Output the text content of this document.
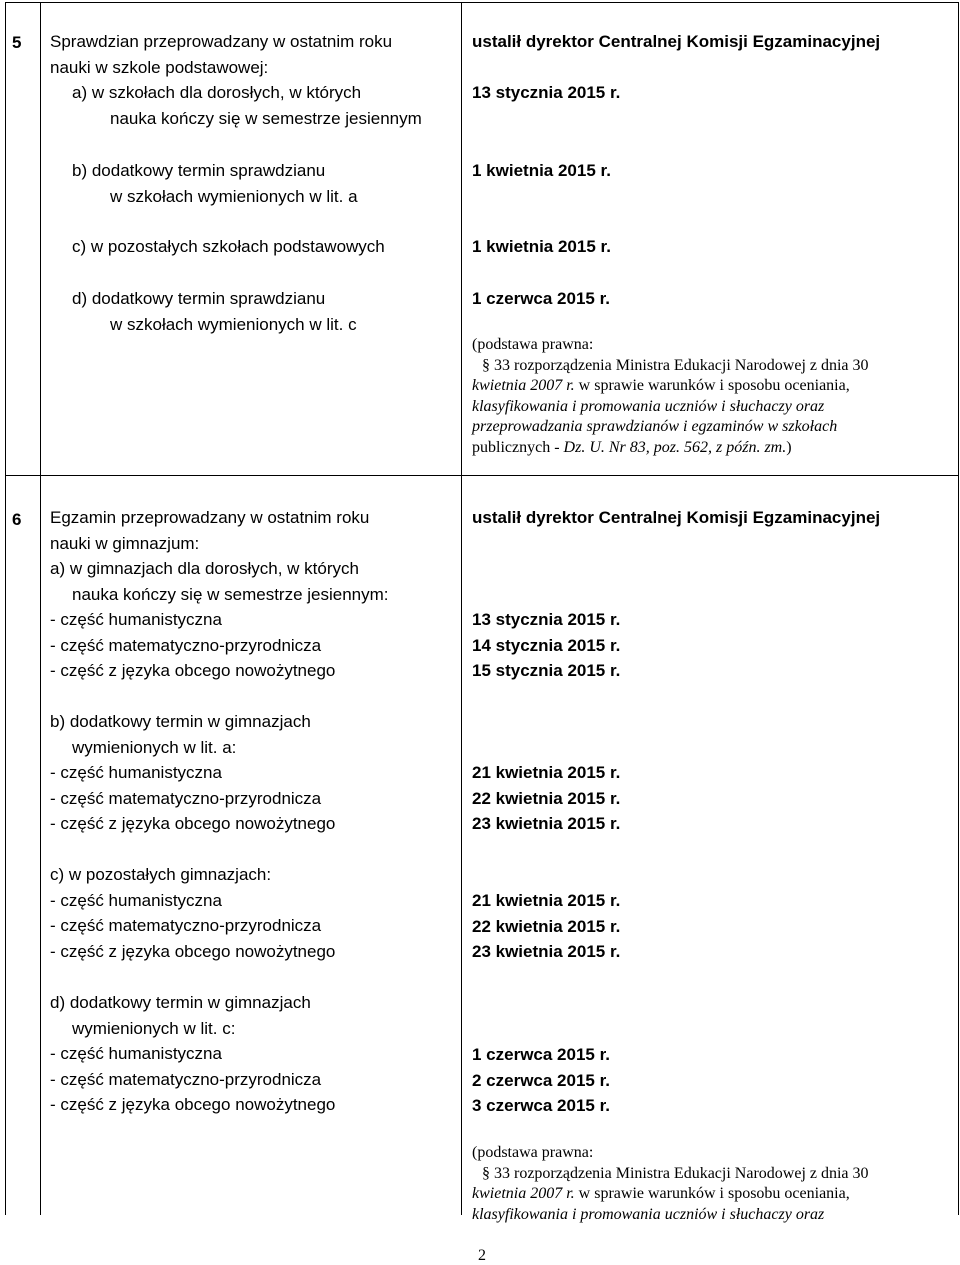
5 Sprawdzian przeprowadzany w ostatnim roku
nauki w szkole podstawowej:
a) w szkołach dla dorosłych, w których
nauka kończy się w semestrze jesiennym
b) dodatkowy termin sprawdzianu
w szkołach wymienionych w lit. a
c) w pozostałych szkołach podstawowych
d) dodatkowy termin sprawdzianu
w szkołach wymienionych w lit. c
ustalił dyrektor Centralnej Komisji Egzaminacyjnej
13 stycznia 2015 r.
1 kwietnia 2015 r.
1 kwietnia 2015 r.
1 czerwca 2015 r.
(podstawa prawna:
§ 33 rozporządzenia Ministra Edukacji Narodowej z dnia 30
kwietnia 2007 r. w sprawie warunków i sposobu oceniania,
klasyfikowania i promowania uczniów i słuchaczy oraz
przeprowadzania sprawdzianów i egzaminów w szkołach
publicznych - Dz. U. Nr 83, poz. 562, z późn. zm.)
6 Egzamin przeprowadzany w ostatnim roku
nauki w gimnazjum:
a) w gimnazjach dla dorosłych, w których
nauka kończy się w semestrze jesiennym:
- część humanistyczna
- część matematyczno-przyrodnicza
- część z języka obcego nowożytnego
b) dodatkowy termin w gimnazjach
wymienionych w lit. a:
- część humanistyczna
- część matematyczno-przyrodnicza
- część z języka obcego nowożytnego
c) w pozostałych gimnazjach:
- część humanistyczna
- część matematyczno-przyrodnicza
- część z języka obcego nowożytnego
d) dodatkowy termin w gimnazjach
wymienionych w lit. c:
- część humanistyczna
- część matematyczno-przyrodnicza
- część z języka obcego nowożytnego
ustalił dyrektor Centralnej Komisji Egzaminacyjnej
13 stycznia 2015 r.
14 stycznia 2015 r.
15 stycznia 2015 r.
21 kwietnia 2015 r.
22 kwietnia 2015 r.
23 kwietnia 2015 r.
21 kwietnia 2015 r.
22 kwietnia 2015 r.
23 kwietnia 2015 r.
1 czerwca 2015 r.
2 czerwca 2015 r.
3 czerwca 2015 r.
(podstawa prawna:
§ 33 rozporządzenia Ministra Edukacji Narodowej z dnia 30
kwietnia 2007 r. w sprawie warunków i sposobu oceniania,
klasyfikowania i promowania uczniów i słuchaczy oraz
2
